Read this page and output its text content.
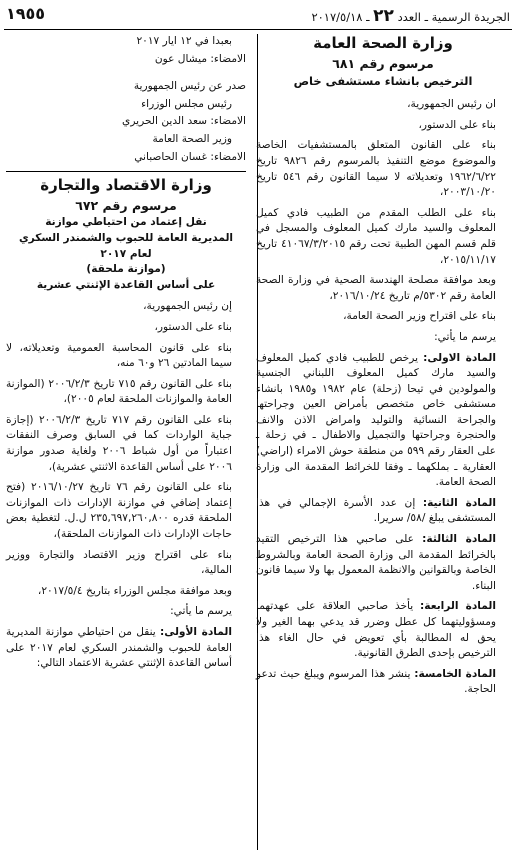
١٩٥٥	الجريدة الرسمية ـ العدد ٢٢ ـ ٢٠١٧/٥/١٨
وزارة الصحة العامة
مرسوم رقم ٦٨١
الترخيص بانشاء مستشفى خاص

ان رئيس الجمهورية،

بناء على الدستور،

بناء على القانون المتعلق بالمستشفيات الخاصة والموضوع موضع التنفيذ بالمرسوم رقم ٩٨٢٦ تاريخ ١٩٦٢/٦/٢٢ وتعديلاته لا سيما القانون رقم ٥٤٦ تاريخ ٢٠٠٣/١٠/٢٠،

بناء على الطلب المقدم من الطبيب فادي كميل المعلوف والسيد مارك كميل المعلوف والمسجل في قلم قسم المهن الطبية تحت رقم ٤١٠٦٧/٣/٢٠١٥ تاريخ ٢٠١٥/١١/١٧،

وبعد موافقة مصلحة الهندسة الصحية في وزارة الصحة العامة رقم ٥٣٠٢/م تاريخ ٢٠١٦/١٠/٢٤،

بناء على اقتراح وزير الصحة العامة،

يرسم ما يأتي:

المادة الاولى: يرخص للطبيب فادي كميل المعلوف والسيد مارك كميل المعلوف اللبناني الجنسية والمولودين في تيحا (زحلة) عام ١٩٨٢ و١٩٨٥ بانشاء مستشفى خاص متخصص بأمراض العين وجراحتها والجراحة النسائية والتوليد وامراض الاذن والانف والحنجرة وجراحتها والتجميل والاطفال ـ في زحلة ـ على العقار رقم ٥٩٩ من منطقة حوش الامراء (اراضي) العقارية ـ بملكهما ـ وفقا للخرائط المقدمة الى وزارة الصحة العامة.

المادة الثانية: إن عدد الأسرة الإجمالي في هذا المستشفى يبلغ /٥٨/ سريرا.

المادة الثالثة: على صاحبي هذا الترخيص التقيد بالخرائط المقدمة الى وزارة الصحة العامة وبالشروط الخاصة وبالقوانين والانظمة المعمول بها ولا سيما قانون البناء.

المادة الرابعة: يأخذ صاحبي العلاقة على عهدتهما ومسؤوليتهما كل عطل وضرر قد يدعي بهما الغير ولا يحق له المطالبة بأي تعويض في حال الغاء هذا الترخيص بإحدى الطرق القانونية.

المادة الخامسة: ينشر هذا المرسوم ويبلغ حيث تدعو الحاجة.

بعبدا في ١٢ ايار ٢٠١٧

الامضاء: ميشال عون

صدر عن رئيس الجمهورية

رئيس مجلس الوزراء

الامضاء: سعد الدين الحريري

وزير الصحة العامة

الامضاء: غسان الحاصباني

وزارة الاقتصاد والتجارة
مرسوم رقم ٦٧٢
نقل إعتماد من احتياطي موازنة
المديرية العامة للحبوب والشمندر السكري
لعام ٢٠١٧
(موازنة ملحقة)
على أساس القاعدة الإثنتي عشرية

إن رئيس الجمهورية،

بناء على الدستور،

بناء على قانون المحاسبة العمومية وتعديلاته، لا سيما المادتين ٢٦ و٦٠ منه،

بناء على القانون رقم ٧١٥ تاريخ ٢٠٠٦/٢/٣ (الموازنة العامة والموازنات الملحقة لعام ٢٠٠٥)،

بناء على القانون رقم ٧١٧ تاريخ ٢٠٠٦/٢/٣ (إجازة جباية الواردات كما في السابق وصرف النفقات اعتباراً من أول شباط ٢٠٠٦ ولغاية صدور موازنة ٢٠٠٦ على أساس القاعدة الاثنتي عشرية)،

بناء على القانون رقم ٧٦ تاريخ ٢٠١٦/١٠/٢٧ (فتح إعتماد إضافي في موازنة الإدارات ذات الموازنات الملحقة قدره ٢٣٥,٦٩٧,٢٦٠,٨٠٠ ل.ل. لتغطية بعض حاجات الإدارات ذات الموازنات الملحقة)،

بناء على اقتراح وزير الاقتصاد والتجارة ووزير المالية،

وبعد موافقة مجلس الوزراء بتاريخ ٢٠١٧/٥/٤،

يرسم ما يأتي:

المادة الأولى: ينقل من احتياطي موازنة المديرية العامة للحبوب والشمندر السكري لعام ٢٠١٧ على أساس القاعدة الإثنتي عشرية الاعتماد التالي:
